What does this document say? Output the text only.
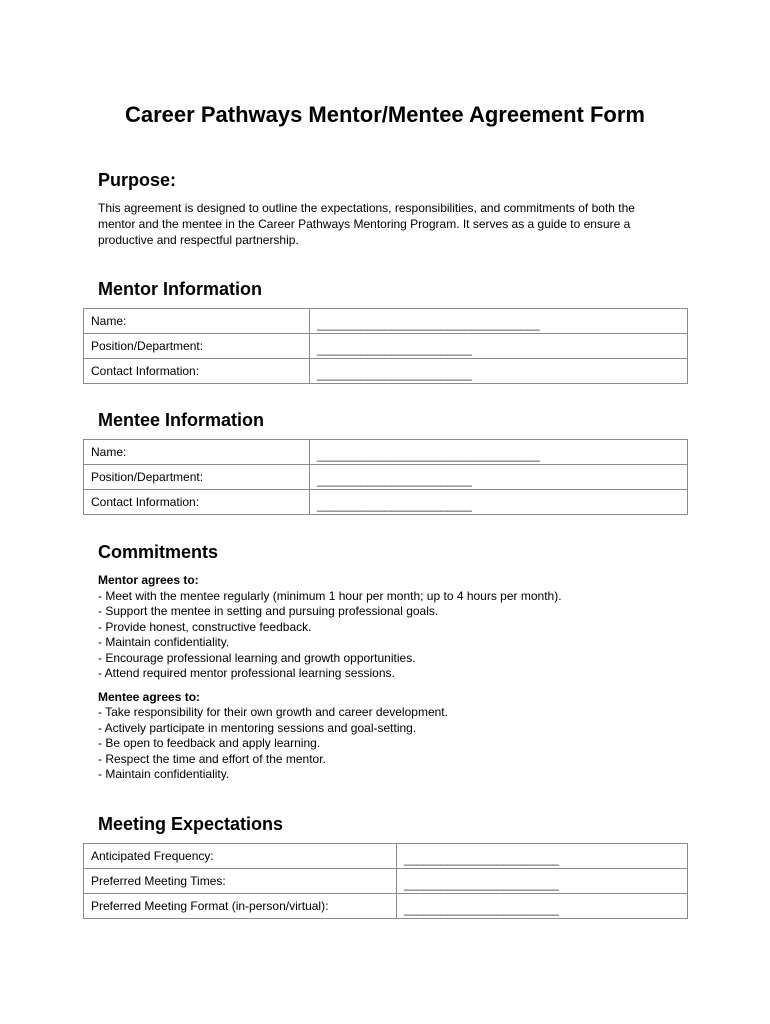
Career Pathways Mentor/Mentee Agreement Form
Purpose:
This agreement is designed to outline the expectations, responsibilities, and commitments of both the mentor and the mentee in the Career Pathways Mentoring Program. It serves as a guide to ensure a productive and respectful partnership.
Mentor Information
Name:	____________________________________
Position/Department:	_________________________
Contact Information:	_________________________
Mentee Information
Name:	____________________________________
Position/Department:	_________________________
Contact Information:	_________________________
Commitments
Mentor agrees to:
- Meet with the mentee regularly (minimum 1 hour per month; up to 4 hours per month).
- Support the mentee in setting and pursuing professional goals.
- Provide honest, constructive feedback.
- Maintain confidentiality.
- Encourage professional learning and growth opportunities.
- Attend required mentor professional learning sessions.
Mentee agrees to:
- Take responsibility for their own growth and career development.
- Actively participate in mentoring sessions and goal-setting.
- Be open to feedback and apply learning.
- Respect the time and effort of the mentor.
- Maintain confidentiality.
Meeting Expectations
Anticipated Frequency:	_________________________
Preferred Meeting Times:	_________________________
Preferred Meeting Format (in-person/virtual):	_________________________
